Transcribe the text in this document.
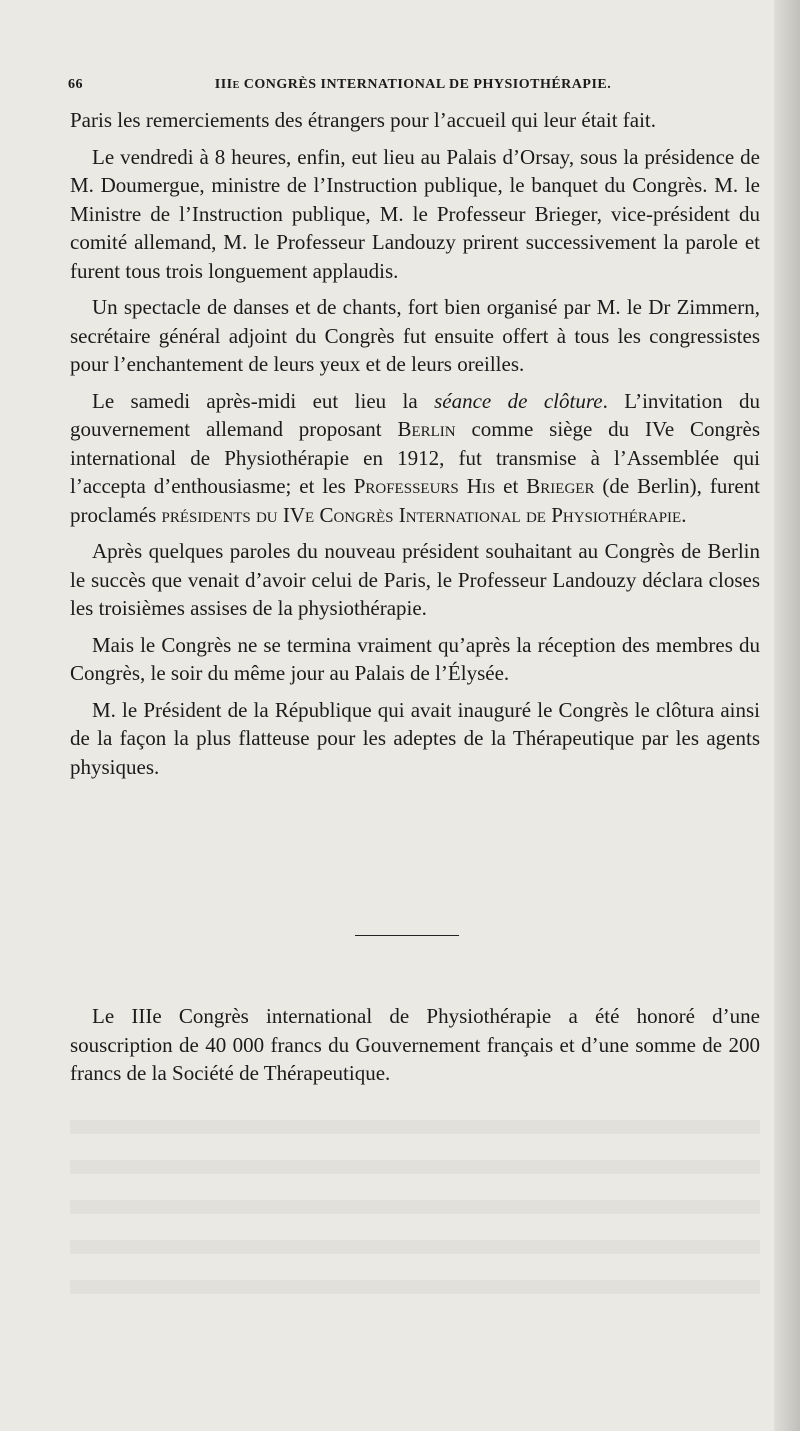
66	IIIe CONGRÈS INTERNATIONAL DE PHYSIOTHÉRAPIE.

Paris les remerciements des étrangers pour l’accueil qui leur était fait.

Le vendredi à 8 heures, enfin, eut lieu au Palais d’Orsay, sous la présidence de M. Doumergue, ministre de l’Instruction publique, le banquet du Congrès. M. le Ministre de l’Instruction publique, M. le Professeur Brieger, vice-président du comité allemand, M. le Professeur Landouzy prirent successivement la parole et furent tous trois longuement applaudis.

Un spectacle de danses et de chants, fort bien organisé par M. le Dr Zimmern, secrétaire général adjoint du Congrès fut ensuite offert à tous les congressistes pour l’enchantement de leurs yeux et de leurs oreilles.

Le samedi après-midi eut lieu la séance de clôture. L’invitation du gouvernement allemand proposant Berlin comme siège du IVe Congrès international de Physiothérapie en 1912, fut transmise à l’Assemblée qui l’accepta d’enthousiasme; et les Professeurs His et Brieger (de Berlin), furent proclamés présidents du IVe Congrès International de Physiothérapie.

Après quelques paroles du nouveau président souhaitant au Congrès de Berlin le succès que venait d’avoir celui de Paris, le Professeur Landouzy déclara closes les troisièmes assises de la physiothérapie.

Mais le Congrès ne se termina vraiment qu’après la réception des membres du Congrès, le soir du même jour au Palais de l’Élysée.

M. le Président de la République qui avait inauguré le Congrès le clôtura ainsi de la façon la plus flatteuse pour les adeptes de la Thérapeutique par les agents physiques.

Le IIIe Congrès international de Physiothérapie a été honoré d’une souscription de 40 000 francs du Gouvernement français et d’une somme de 200 francs de la Société de Thérapeutique.
